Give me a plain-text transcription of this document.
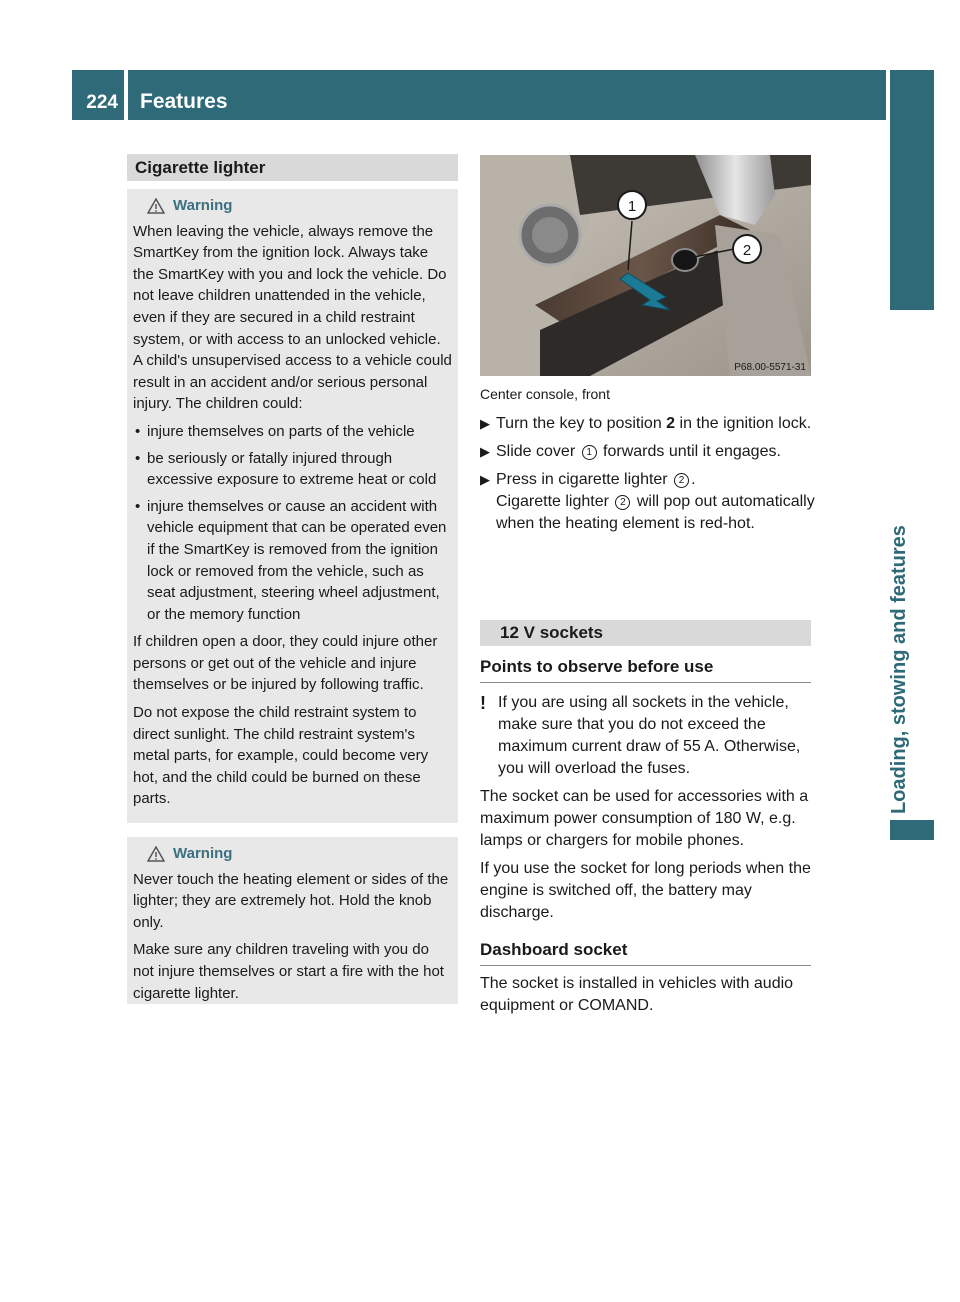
224 Features
Loading, stowing and features
Cigarette lighter
Warning

When leaving the vehicle, always remove the SmartKey from the ignition lock. Always take the SmartKey with you and lock the vehicle. Do not leave children unattended in the vehicle, even if they are secured in a child restraint system, or with access to an unlocked vehicle. A child's unsupervised access to a vehicle could result in an accident and/or serious personal injury. The children could:

• injure themselves on parts of the vehicle
• be seriously or fatally injured through excessive exposure to extreme heat or cold
• injure themselves or cause an accident with vehicle equipment that can be operated even if the SmartKey is removed from the ignition lock or removed from the vehicle, such as seat adjustment, steering wheel adjustment, or the memory function

If children open a door, they could injure other persons or get out of the vehicle and injure themselves or be injured by following traffic.

Do not expose the child restraint system to direct sunlight. The child restraint system's metal parts, for example, could become very hot, and the child could be burned on these parts.

Warning

Never touch the heating element or sides of the lighter; they are extremely hot. Hold the knob only.

Make sure any children traveling with you do not injure themselves or start a fire with the hot cigarette lighter.

1
2
P68.00-5571-31
Center console, front
▶ Turn the key to position 2 in the ignition lock.
▶ Slide cover 1 forwards until it engages.
▶ Press in cigarette lighter 2 .
Cigarette lighter 2 will pop out automatically when the heating element is red-hot.
12 V sockets
Points to observe before use
! If you are using all sockets in the vehicle, make sure that you do not exceed the maximum current draw of 55 A. Otherwise, you will overload the fuses.

The socket can be used for accessories with a maximum power consumption of 180 W, e.g. lamps or chargers for mobile phones.

If you use the socket for long periods when the engine is switched off, the battery may discharge.

Dashboard socket

The socket is installed in vehicles with audio equipment or COMAND.
